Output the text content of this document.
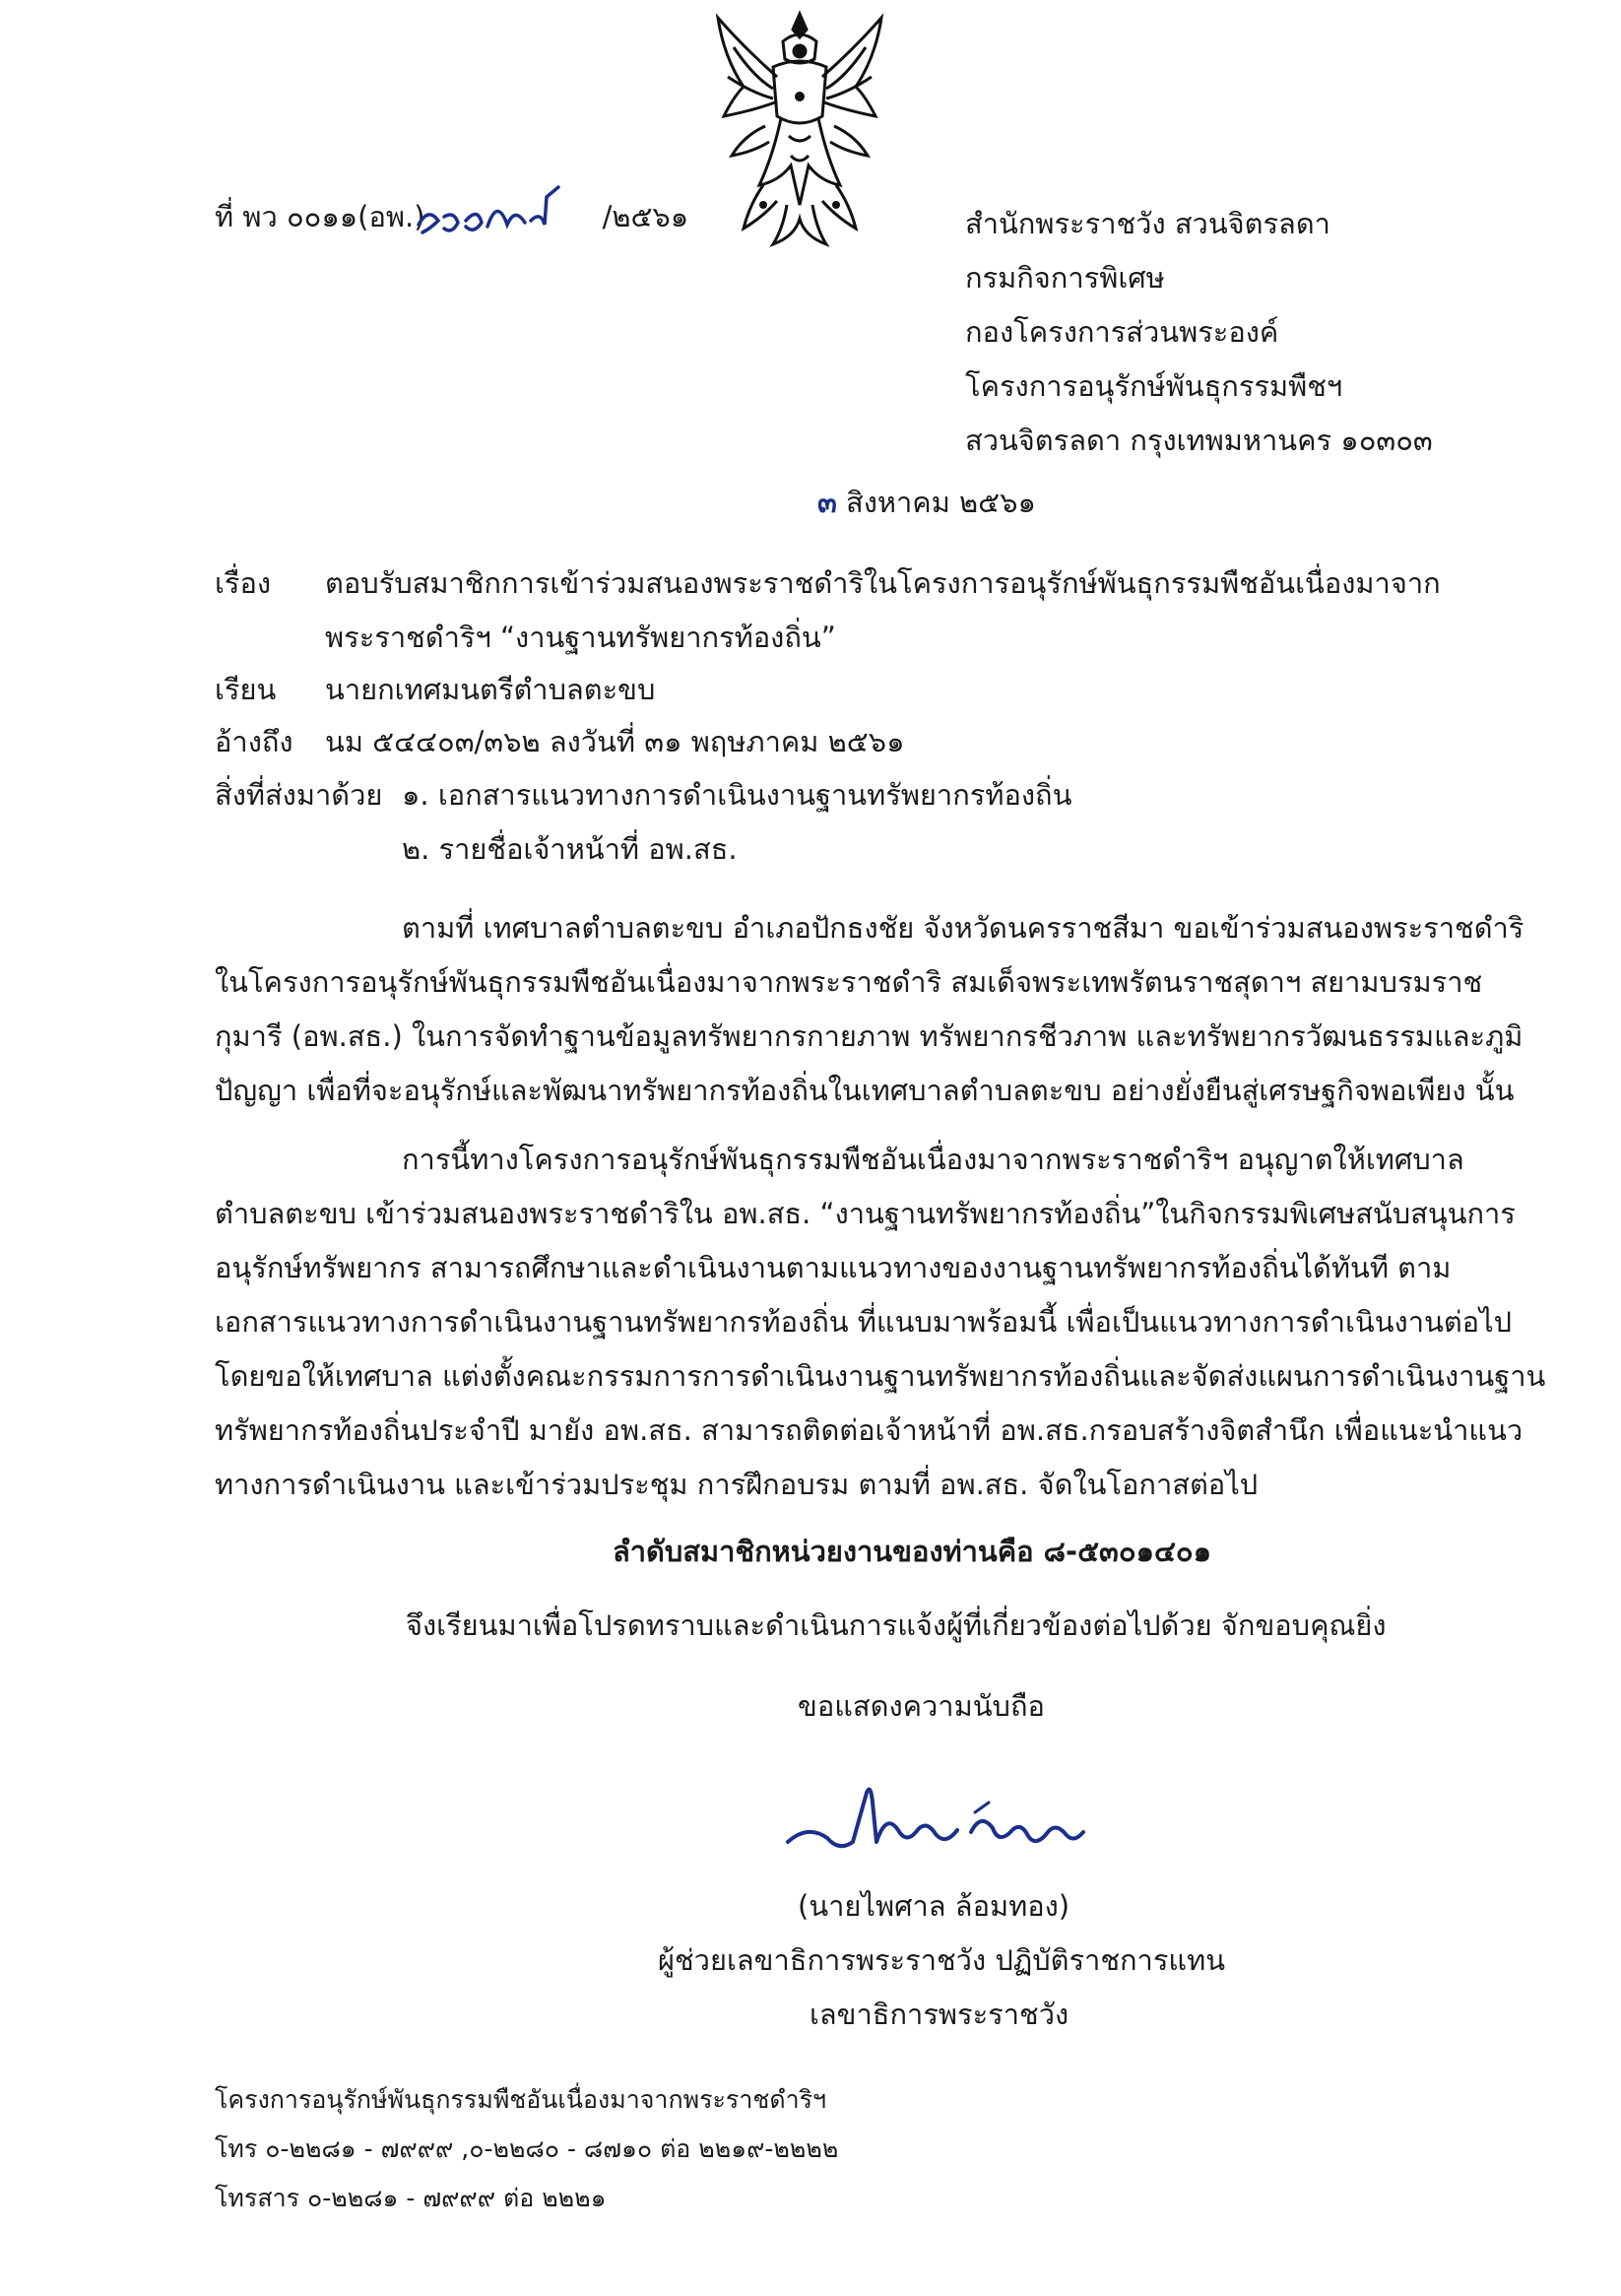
ที่ พว ๐๐๑๑(อพ.)	/๒๕๖๑	สำนักพระราชวัง สวนจิตรลดา
กรมกิจการพิเศษ
กองโครงการส่วนพระองค์
โครงการอนุรักษ์พันธุกรรมพืชฯ
สวนจิตรลดา กรุงเทพมหานคร ๑๐๓๐๓
๓ สิงหาคม ๒๕๖๑
เรื่อง ตอบรับสมาชิกการเข้าร่วมสนองพระราชดำริในโครงการอนุรักษ์พันธุกรรมพืชอันเนื่องมาจาก
พระราชดำริฯ “งานฐานทรัพยากรท้องถิ่น”
เรียน นายกเทศมนตรีตำบลตะขบ
อ้างถึง นม ๕๔๔๐๓/๓๖๒ ลงวันที่ ๓๑ พฤษภาคม ๒๕๖๑
สิ่งที่ส่งมาด้วย ๑. เอกสารแนวทางการดำเนินงานฐานทรัพยากรท้องถิ่น
๒. รายชื่อเจ้าหน้าที่ อพ.สธ.
ตามที่ เทศบาลตำบลตะขบ อำเภอปักธงชัย จังหวัดนครราชสีมา ขอเข้าร่วมสนองพระราชดำริ
ในโครงการอนุรักษ์พันธุกรรมพืชอันเนื่องมาจากพระราชดำริ สมเด็จพระเทพรัตนราชสุดาฯ สยามบรมราช
กุมารี (อพ.สธ.) ในการจัดทำฐานข้อมูลทรัพยากรกายภาพ ทรัพยากรชีวภาพ และทรัพยากรวัฒนธรรมและภูมิ
ปัญญา เพื่อที่จะอนุรักษ์และพัฒนาทรัพยากรท้องถิ่นในเทศบาลตำบลตะขบ อย่างยั่งยืนสู่เศรษฐกิจพอเพียง นั้น
การนี้ทางโครงการอนุรักษ์พันธุกรรมพืชอันเนื่องมาจากพระราชดำริฯ อนุญาตให้เทศบาล
ตำบลตะขบ เข้าร่วมสนองพระราชดำริใน อพ.สธ. “งานฐานทรัพยากรท้องถิ่น”ในกิจกรรมพิเศษสนับสนุนการ
อนุรักษ์ทรัพยากร สามารถศึกษาและดำเนินงานตามแนวทางของงานฐานทรัพยากรท้องถิ่นได้ทันที ตาม
เอกสารแนวทางการดำเนินงานฐานทรัพยากรท้องถิ่น ที่แนบมาพร้อมนี้ เพื่อเป็นแนวทางการดำเนินงานต่อไป
โดยขอให้เทศบาล แต่งตั้งคณะกรรมการการดำเนินงานฐานทรัพยากรท้องถิ่นและจัดส่งแผนการดำเนินงานฐาน
ทรัพยากรท้องถิ่นประจำปี มายัง อพ.สธ. สามารถติดต่อเจ้าหน้าที่ อพ.สธ.กรอบสร้างจิตสำนึก เพื่อแนะนำแนว
ทางการดำเนินงาน และเข้าร่วมประชุม การฝึกอบรม ตามที่ อพ.สธ. จัดในโอกาสต่อไป
ลำดับสมาชิกหน่วยงานของท่านคือ ๘-๕๓๐๑๔๐๑
จึงเรียนมาเพื่อโปรดทราบและดำเนินการแจ้งผู้ที่เกี่ยวข้องต่อไปด้วย จักขอบคุณยิ่ง
ขอแสดงความนับถือ
(นายไพศาล ล้อมทอง)
ผู้ช่วยเลขาธิการพระราชวัง ปฏิบัติราชการแทน
เลขาธิการพระราชวัง
โครงการอนุรักษ์พันธุกรรมพืชอันเนื่องมาจากพระราชดำริฯ
โทร ๐-๒๒๘๑ - ๗๙๙๙ ,๐-๒๒๘๐ - ๘๗๑๐ ต่อ ๒๒๑๙-๒๒๒๒
โทรสาร ๐-๒๒๘๑ - ๗๙๙๙ ต่อ ๒๒๒๑
